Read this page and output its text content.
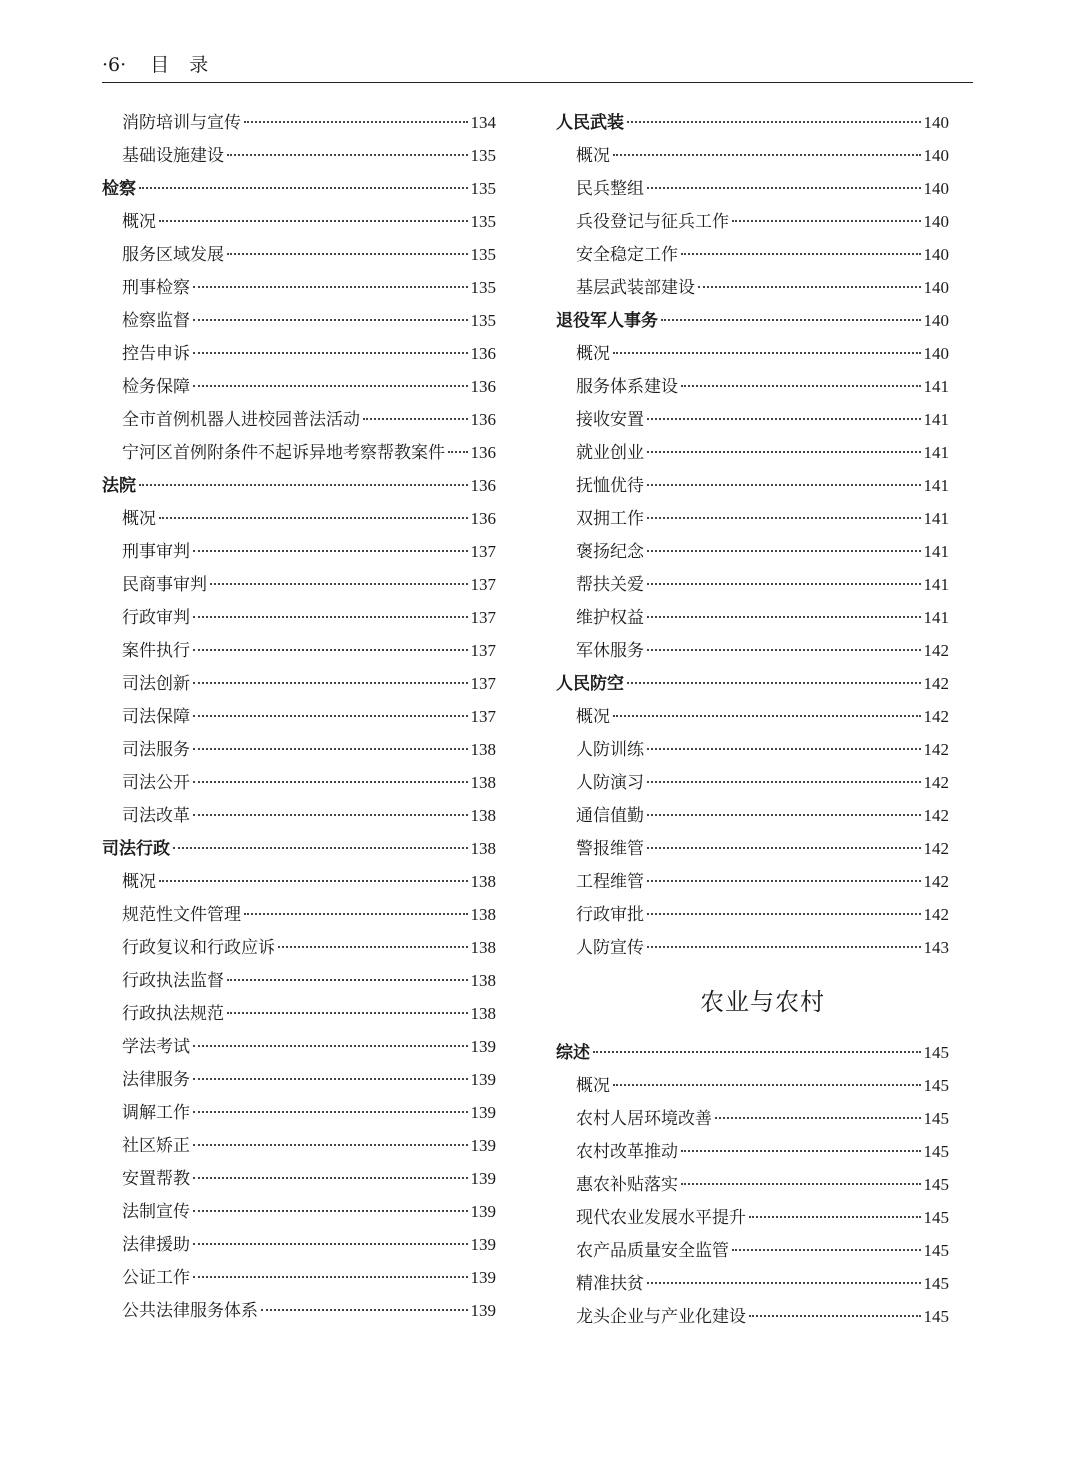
·6· 目录
消防培训与宣传	134
基础设施建设	135
检察	135
概况	135
服务区域发展	135
刑事检察	135
检察监督	135
控告申诉	136
检务保障	136
全市首例机器人进校园普法活动	136
宁河区首例附条件不起诉异地考察帮教案件 136
法院	136
概况	136
刑事审判	137
民商事审判	137
行政审判	137
案件执行	137
司法创新	137
司法保障	137
司法服务	138
司法公开	138
司法改革	138
司法行政	138
概况	138
规范性文件管理	138
行政复议和行政应诉	138
行政执法监督	138
行政执法规范	138
学法考试	139
法律服务	139
调解工作	139
社区矫正	139
安置帮教	139
法制宣传	139
法律援助	139
公证工作	139
公共法律服务体系	139
人民武装	140
概况	140
民兵整组	140
兵役登记与征兵工作	140
安全稳定工作	140
基层武装部建设	140
退役军人事务	140
概况	140
服务体系建设	141
接收安置	141
就业创业	141
抚恤优待	141
双拥工作	141
褒扬纪念	141
帮扶关爱	141
维护权益	141
军休服务	142
人民防空	142
概况	142
人防训练	142
人防演习	142
通信值勤	142
警报维管	142
工程维管	142
行政审批	142
人防宣传	143
农业与农村
综述	145
概况	145
农村人居环境改善	145
农村改革推动	145
惠农补贴落实	145
现代农业发展水平提升	145
农产品质量安全监管	145
精准扶贫	145
龙头企业与产业化建设	145
